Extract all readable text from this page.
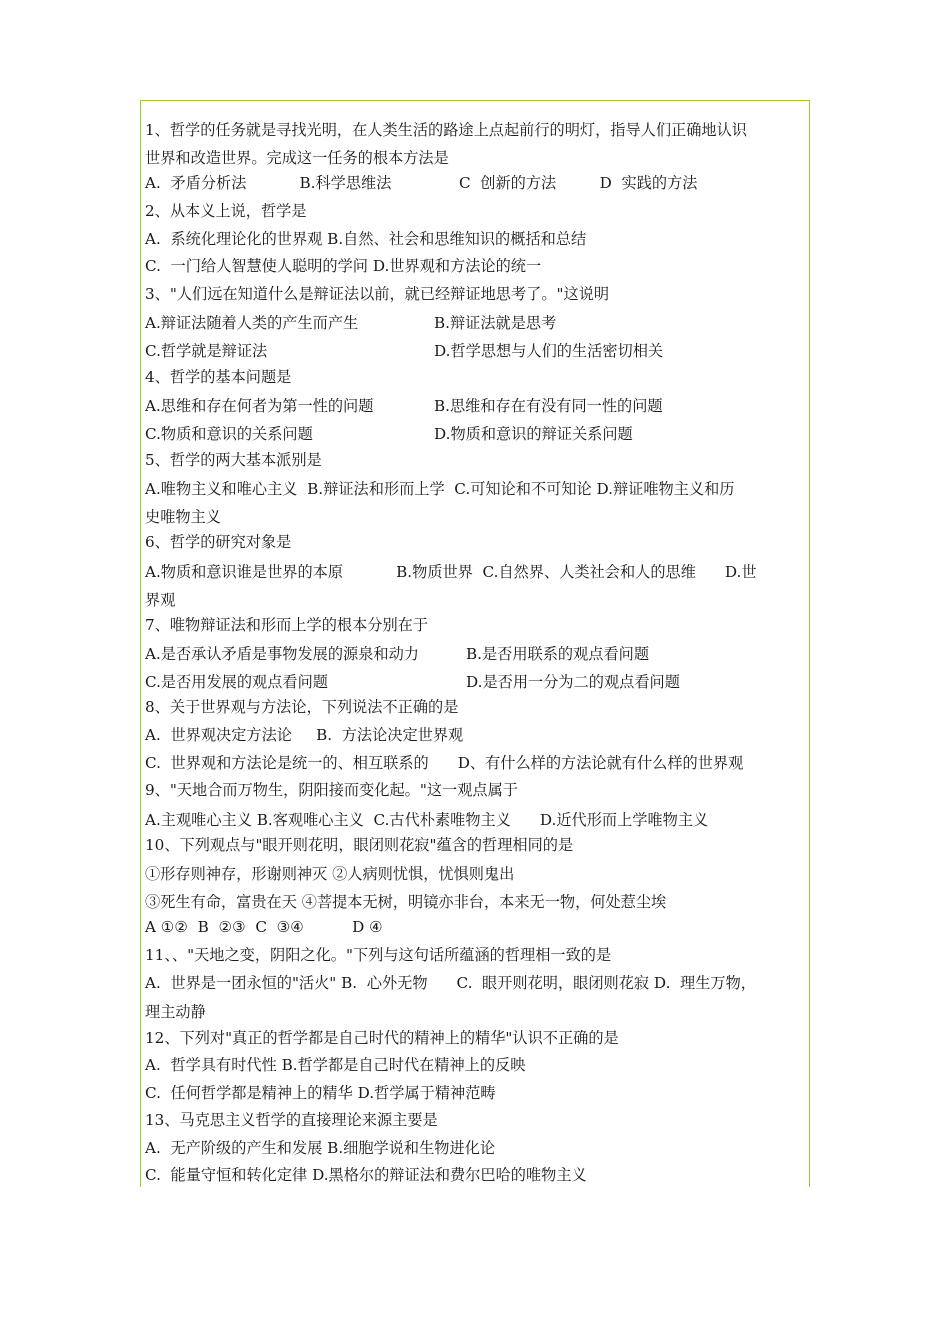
1、哲学的任务就是寻找光明，在人类生活的路途上点起前行的明灯，指导人们正确地认识
世界和改造世界。完成这一任务的根本方法是
A.  矛盾分析法           B.科学思维法              C  创新的方法         D  实践的方法
2、从本义上说，哲学是
A.  系统化理论化的世界观 B.自然、社会和思维知识的概括和总结
C.  一门给人智慧使人聪明的学问 D.世界观和方法论的统一
3、"人们远在知道什么是辩证法以前，就已经辩证地思考了。"这说明
A.辩证法随着人类的产生而产生	B.辩证法就是思考
C.哲学就是辩证法	D.哲学思想与人们的生活密切相关
4、哲学的基本问题是
A.思维和存在何者为第一性的问题	B.思维和存在有没有同一性的问题
C.物质和意识的关系问题	D.物质和意识的辩证关系问题
5、哲学的两大基本派别是
A.唯物主义和唯心主义  B.辩证法和形而上学  C.可知论和不可知论 D.辩证唯物主义和历
史唯物主义
6、哲学的研究对象是
A.物质和意识谁是世界的本原           B.物质世界  C.自然界、人类社会和人的思维      D.世
界观
7、唯物辩证法和形而上学的根本分别在于
A.是否承认矛盾是事物发展的源泉和动力	B.是否用联系的观点看问题
C.是否用发展的观点看问题	D.是否用一分为二的观点看问题
8、关于世界观与方法论，下列说法不正确的是
A.  世界观决定方法论     B.  方法论决定世界观
C.  世界观和方法论是统一的、相互联系的      D、有什么样的方法论就有什么样的世界观
9、"天地合而万物生，阴阳接而变化起。"这一观点属于
A.主观唯心主义 B.客观唯心主义  C.古代朴素唯物主义      D.近代形而上学唯物主义
10、下列观点与"眼开则花明，眼闭则花寂"蕴含的哲理相同的是
①形存则神存，形谢则神灭 ②人病则忧惧，忧惧则鬼出
③死生有命，富贵在天 ④菩提本无树，明镜亦非台，本来无一物，何处惹尘埃
A ①②  B  ②③  C  ③④          D ④
11、、"天地之变，阴阳之化。"下列与这句话所蕴涵的哲理相一致的是
A.  世界是一团永恒的"活火" B.  心外无物      C.  眼开则花明，眼闭则花寂 D.  理生万物，
理主动静
12、下列对"真正的哲学都是自己时代的精神上的精华"认识不正确的是
A.  哲学具有时代性 B.哲学都是自己时代在精神上的反映
C.  任何哲学都是精神上的精华 D.哲学属于精神范畴
13、马克思主义哲学的直接理论来源主要是
A.  无产阶级的产生和发展 B.细胞学说和生物进化论
C.  能量守恒和转化定律 D.黑格尔的辩证法和费尔巴哈的唯物主义
